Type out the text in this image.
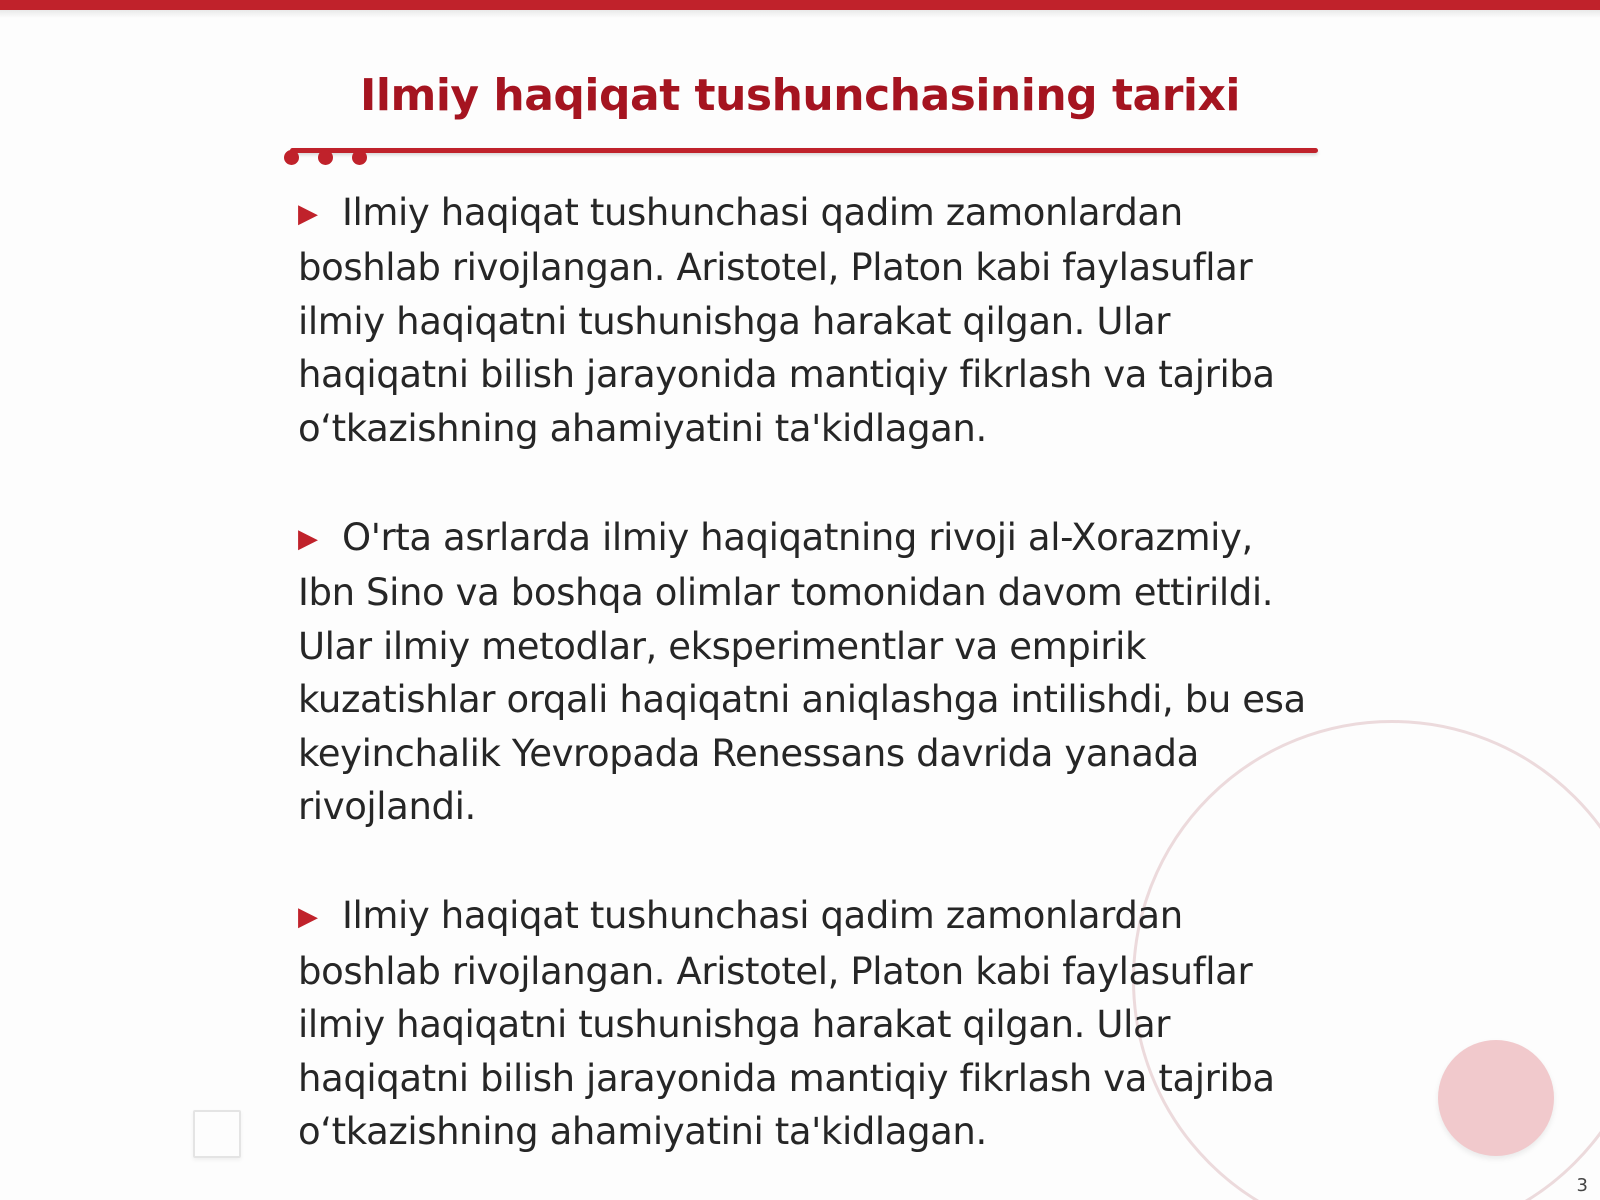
Ilmiy haqiqat tushunchasining tarixi

▶ Ilmiy haqiqat tushunchasi qadim zamonlardan boshlab rivojlangan. Aristotel, Platon kabi faylasuflar ilmiy haqiqatni tushunishga harakat qilgan. Ular haqiqatni bilish jarayonida mantiqiy fikrlash va tajriba o‘tkazishning ahamiyatini ta'kidlagan.

▶ O'rta asrlarda ilmiy haqiqatning rivoji al-Xorazmiy, Ibn Sino va boshqa olimlar tomonidan davom ettirildi. Ular ilmiy metodlar, eksperimentlar va empirik kuzatishlar orqali haqiqatni aniqlashga intilishdi, bu esa keyinchalik Yevropada Renessans davrida yanada rivojlandi.

▶ Ilmiy haqiqat tushunchasi qadim zamonlardan boshlab rivojlangan. Aristotel, Platon kabi faylasuflar ilmiy haqiqatni tushunishga harakat qilgan. Ular haqiqatni bilish jarayonida mantiqiy fikrlash va tajriba o‘tkazishning ahamiyatini ta'kidlagan.

3
